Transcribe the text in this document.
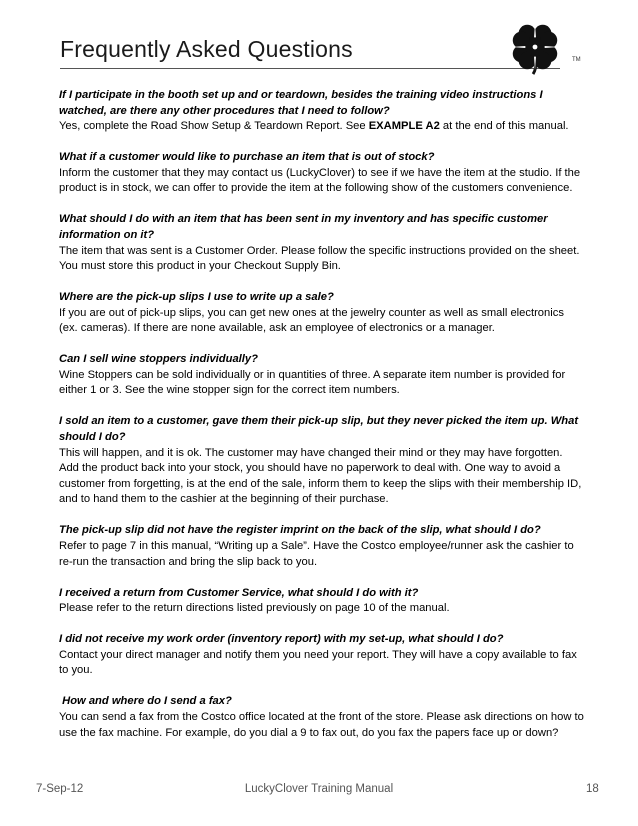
Frequently Asked Questions	TM
If I participate in the booth set up and or teardown, besides the training video instructions I watched, are there any other procedures that I need to follow?
Yes, complete the Road Show Setup & Teardown Report. See EXAMPLE A2 at the end of this manual.
What if a customer would like to purchase an item that is out of stock?
Inform the customer that they may contact us (LuckyClover) to see if we have the item at the studio. If the product is in stock, we can offer to provide the item at the following show of the customers convenience.
What should I do with an item that has been sent in my inventory and has specific customer information on it?
The item that was sent is a Customer Order. Please follow the specific instructions provided on the sheet. You must store this product in your Checkout Supply Bin.
Where are the pick-up slips I use to write up a sale?
If you are out of pick-up slips, you can get new ones at the jewelry counter as well as small electronics (ex. cameras). If there are none available, ask an employee of electronics or a manager.
Can I sell wine stoppers individually?
Wine Stoppers can be sold individually or in quantities of three. A separate item number is provided for either 1 or 3. See the wine stopper sign for the correct item numbers.
I sold an item to a customer, gave them their pick-up slip, but they never picked the item up. What should I do?
This will happen, and it is ok. The customer may have changed their mind or they may have forgotten. Add the product back into your stock, you should have no paperwork to deal with. One way to avoid a customer from forgetting, is at the end of the sale, inform them to keep the slips with their membership ID, and to hand them to the cashier at the beginning of their purchase.
The pick-up slip did not have the register imprint on the back of the slip, what should I do?
Refer to page 7 in this manual, “Writing up a Sale”. Have the Costco employee/runner ask the cashier to re-run the transaction and bring the slip back to you.
I received a return from Customer Service, what should I do with it?
Please refer to the return directions listed previously on page 10 of the manual.
I did not receive my work order (inventory report) with my set-up, what should I do?
Contact your direct manager and notify them you need your report. They will have a copy available to fax to you.
How and where do I send a fax?
You can send a fax from the Costco office located at the front of the store. Please ask directions on how to use the fax machine. For example, do you dial a 9 to fax out, do you fax the papers face up or down?
7-Sep-12	LuckyClover Training Manual	18
